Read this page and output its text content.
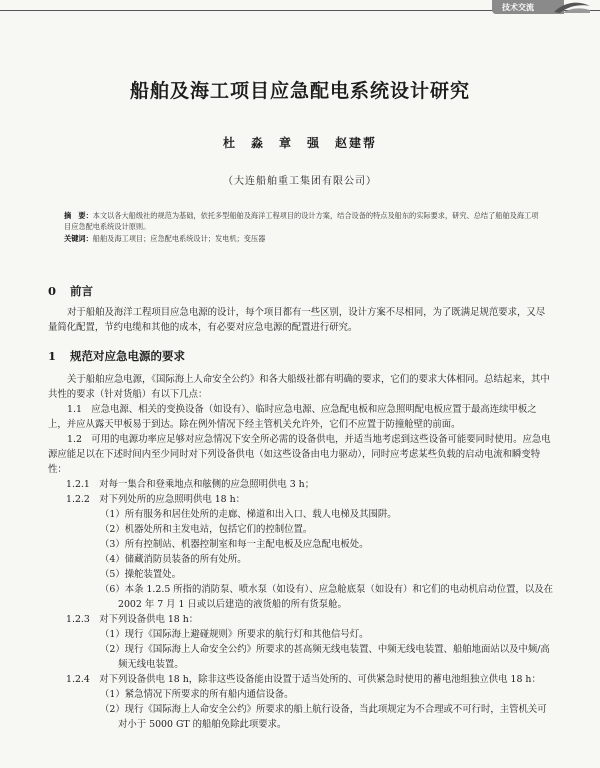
技术交流
船舶及海工项目应急配电系统设计研究
杜　淼　章　强　赵建帮
（大连船舶重工集团有限公司）

摘　要：本文以各大船级社的规范为基础，依托多型船舶及海洋工程项目的设计方案，结合设备的特点及船东的实际要求，研究、总结了船舶及海工项目应急配电系统设计原则。

关键词：船舶及海工项目；应急配电系统设计；发电机；变压器

0 前言

对于船舶及海洋工程项目应急电源的设计，每个项目都有一些区别，设计方案不尽相同，为了既满足规范要求，又尽量简化配置，节约电缆和其他的成本，有必要对应急电源的配置进行研究。

1 规范对应急电源的要求

关于船舶应急电源，《国际海上人命安全公约》和各大船级社都有明确的要求，它们的要求大体相同。总结起来，其中共性的要求（针对货船）有以下几点：

1.1　应急电源、相关的变换设备（如设有）、临时应急电源、应急配电板和应急照明配电板应置于最高连续甲板之上，并应从露天甲板易于到达。除在例外情况下经主管机关允许外，它们不应置于防撞舱壁的前面。

1.2　可用的电源功率应足够对应急情况下安全所必需的设备供电，并适当地考虑到这些设备可能要同时使用。应急电源应能足以在下述时间内至少同时对下列设备供电（如这些设备由电力驱动），同时应考虑某些负载的启动电流和瞬变特性：

1.2.1　对每一集合和登乘地点和舷侧的应急照明供电 3 h；

1.2.2　对下列处所的应急照明供电 18 h：

（1）所有服务和居住处所的走廊、梯道和出入口、载人电梯及其围阱。

（2）机器处所和主发电站，包括它们的控制位置。

（3）所有控制站、机器控制室和每一主配电板及应急配电板处。

（4）储藏消防员装备的所有处所。

（5）操舵装置处。

（6）本条 1.2.5 所指的消防泵、喷水泵（如设有）、应急舱底泵（如设有）和它们的电动机启动位置，以及在 2002 年 7 月 1 日或以后建造的液货船的所有货泵舱。

1.2.3　对下列设备供电 18 h：

（1）现行《国际海上避碰规则》所要求的航行灯和其他信号灯。

（2）现行《国际海上人命安全公约》所要求的甚高频无线电装置、中频无线电装置、船舶地面站以及中频/高频无线电装置。

1.2.4　对下列设备供电 18 h，除非这些设备能由设置于适当处所的、可供紧急时使用的蓄电池组独立供电 18 h：

（1）紧急情况下所要求的所有船内通信设备。

（2）现行《国际海上人命安全公约》所要求的船上航行设备，当此项规定为不合理或不可行时，主管机关可对小于 5000 GT 的船舶免除此项要求。
